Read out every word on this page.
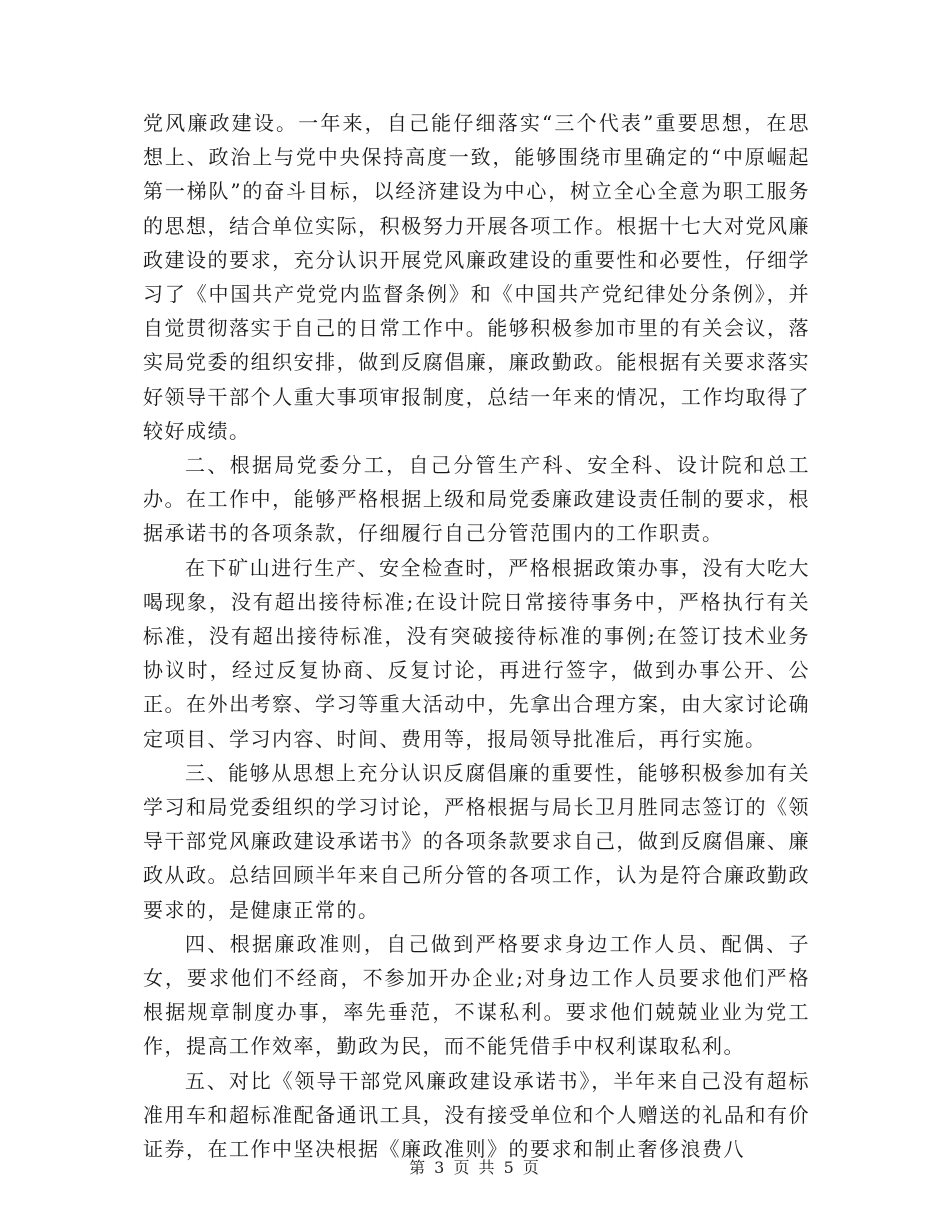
党风廉政建设。一年来，自己能仔细落实“三个代表”重要思想，在思想上、政治上与党中央保持高度一致，能够围绕市里确定的“中原崛起第一梯队”的奋斗目标，以经济建设为中心，树立全心全意为职工服务的思想，结合单位实际，积极努力开展各项工作。根据十七大对党风廉政建设的要求，充分认识开展党风廉政建设的重要性和必要性，仔细学习了《中国共产党党内监督条例》和《中国共产党纪律处分条例》，并自觉贯彻落实于自己的日常工作中。能够积极参加市里的有关会议，落实局党委的组织安排，做到反腐倡廉，廉政勤政。能根据有关要求落实好领导干部个人重大事项审报制度，总结一年来的情况，工作均取得了较好成绩。

二、根据局党委分工，自己分管生产科、安全科、设计院和总工办。在工作中，能够严格根据上级和局党委廉政建设责任制的要求，根据承诺书的各项条款，仔细履行自己分管范围内的工作职责。

在下矿山进行生产、安全检查时，严格根据政策办事，没有大吃大喝现象，没有超出接待标准;在设计院日常接待事务中，严格执行有关标准，没有超出接待标准，没有突破接待标准的事例;在签订技术业务协议时，经过反复协商、反复讨论，再进行签字，做到办事公开、公正。在外出考察、学习等重大活动中，先拿出合理方案，由大家讨论确定项目、学习内容、时间、费用等，报局领导批准后，再行实施。

三、能够从思想上充分认识反腐倡廉的重要性，能够积极参加有关学习和局党委组织的学习讨论，严格根据与局长卫月胜同志签订的《领导干部党风廉政建设承诺书》的各项条款要求自己，做到反腐倡廉、廉政从政。总结回顾半年来自己所分管的各项工作，认为是符合廉政勤政要求的，是健康正常的。

四、根据廉政准则，自己做到严格要求身边工作人员、配偶、子女，要求他们不经商，不参加开办企业;对身边工作人员要求他们严格根据规章制度办事，率先垂范，不谋私利。要求他们兢兢业业为党工作，提高工作效率，勤政为民，而不能凭借手中权利谋取私利。

五、对比《领导干部党风廉政建设承诺书》，半年来自己没有超标准用车和超标准配备通讯工具，没有接受单位和个人赠送的礼品和有价证券，在工作中坚决根据《廉政准则》的要求和制止奢侈浪费八

第 3 页 共 5 页
